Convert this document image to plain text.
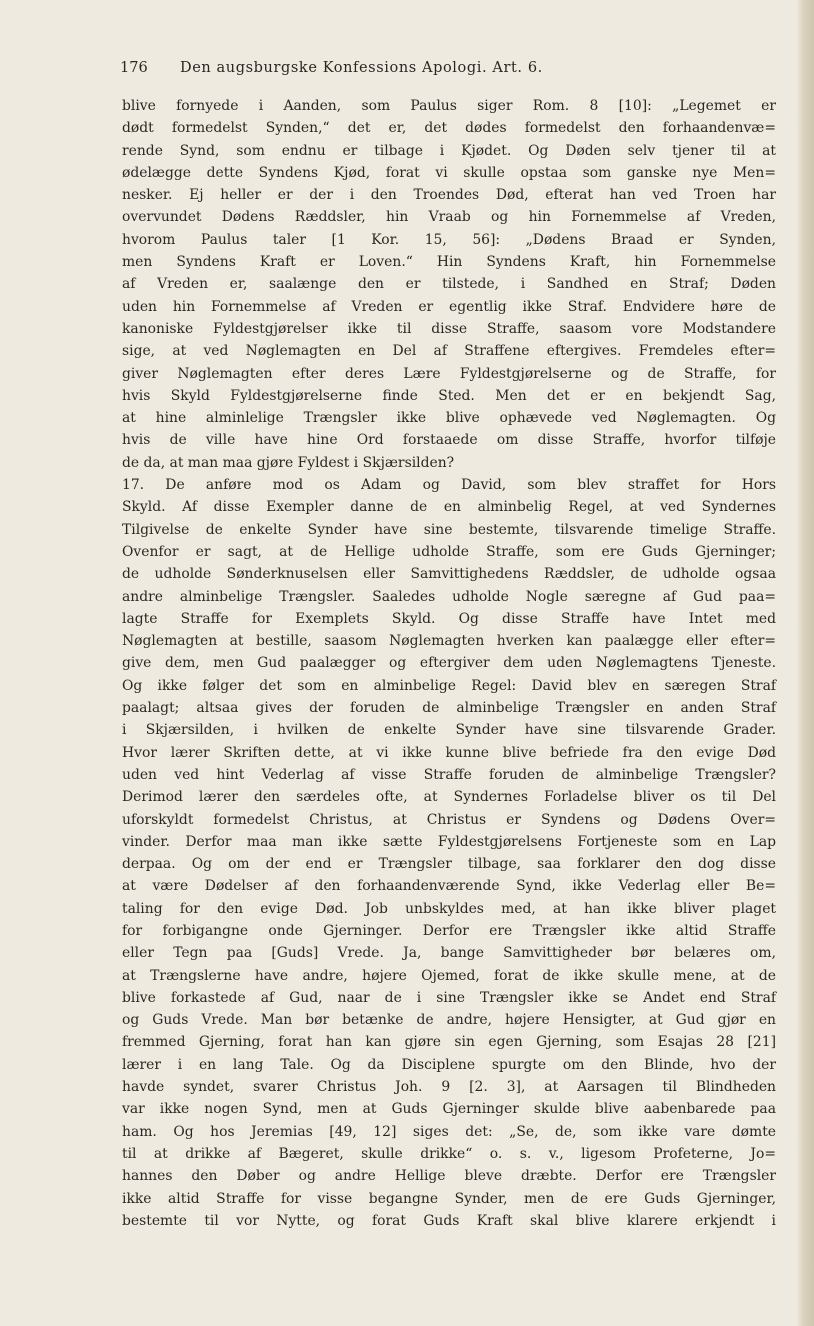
176 Den augsburgske Konfessions Apologi. Art. 6.
blive fornyede i Aanden, som Paulus siger Rom. 8 [10]: „Legemet er
dødt formedelst Synden,“ det er, det dødes formedelst den forhaandenvæ=
rende Synd, som endnu er tilbage i Kjødet. Og Døden selv tjener til at
ødelægge dette Syndens Kjød, forat vi skulle opstaa som ganske nye Men=
nesker. Ej heller er der i den Troendes Død, efterat han ved Troen har
overvundet Dødens Ræddsler, hin Vraab og hin Fornemmelse af Vreden,
hvorom Paulus taler [1 Kor. 15, 56]: „Dødens Braad er Synden,
men Syndens Kraft er Loven.“ Hin Syndens Kraft, hin Fornemmelse
af Vreden er, saalænge den er tilstede, i Sandhed en Straf; Døden
uden hin Fornemmelse af Vreden er egentlig ikke Straf. Endvidere høre de
kanoniske Fyldestgjørelser ikke til disse Straffe, saasom vore Modstandere
sige, at ved Nøglemagten en Del af Straffene eftergives. Fremdeles efter=
giver Nøglemagten efter deres Lære Fyldestgjørelserne og de Straffe, for
hvis Skyld Fyldestgjørelserne finde Sted. Men det er en bekjendt Sag,
at hine alminlelige Trængsler ikke blive ophævede ved Nøglemagten. Og
hvis de ville have hine Ord forstaaede om disse Straffe, hvorfor tilføje
de da, at man maa gjøre Fyldest i Skjærsilden?
17. De anføre mod os Adam og David, som blev straffet for Hors
Skyld. Af disse Exempler danne de en alminbelig Regel, at ved Syndernes
Tilgivelse de enkelte Synder have sine bestemte, tilsvarende timelige Straffe.
Ovenfor er sagt, at de Hellige udholde Straffe, som ere Guds Gjerninger;
de udholde Sønderknuselsen eller Samvittighedens Ræddsler, de udholde ogsaa
andre alminbelige Trængsler. Saaledes udholde Nogle særegne af Gud paa=
lagte Straffe for Exemplets Skyld. Og disse Straffe have Intet med
Nøglemagten at bestille, saasom Nøglemagten hverken kan paalægge eller efter=
give dem, men Gud paalægger og eftergiver dem uden Nøglemagtens Tjeneste.
Og ikke følger det som en alminbelige Regel: David blev en særegen Straf
paalagt; altsaa gives der foruden de alminbelige Trængsler en anden Straf
i Skjærsilden, i hvilken de enkelte Synder have sine tilsvarende Grader.
Hvor lærer Skriften dette, at vi ikke kunne blive befriede fra den evige Død
uden ved hint Vederlag af visse Straffe foruden de alminbelige Trængsler?
Derimod lærer den særdeles ofte, at Syndernes Forladelse bliver os til Del
uforskyldt formedelst Christus, at Christus er Syndens og Dødens Over=
vinder. Derfor maa man ikke sætte Fyldestgjørelsens Fortjeneste som en Lap
derpaa. Og om der end er Trængsler tilbage, saa forklarer den dog disse
at være Dødelser af den forhaandenværende Synd, ikke Vederlag eller Be=
taling for den evige Død. Job unbskyldes med, at han ikke bliver plaget
for forbigangne onde Gjerninger. Derfor ere Trængsler ikke altid Straffe
eller Tegn paa [Guds] Vrede. Ja, bange Samvittigheder bør belæres om,
at Trængslerne have andre, højere Ojemed, forat de ikke skulle mene, at de
blive forkastede af Gud, naar de i sine Trængsler ikke se Andet end Straf
og Guds Vrede. Man bør betænke de andre, højere Hensigter, at Gud gjør en
fremmed Gjerning, forat han kan gjøre sin egen Gjerning, som Esajas 28 [21]
lærer i en lang Tale. Og da Disciplene spurgte om den Blinde, hvo der
havde syndet, svarer Christus Joh. 9 [2. 3], at Aarsagen til Blindheden
var ikke nogen Synd, men at Guds Gjerninger skulde blive aabenbarede paa
ham. Og hos Jeremias [49, 12] siges det: „Se, de, som ikke vare dømte
til at drikke af Bægeret, skulle drikke“ o. s. v., ligesom Profeterne, Jo=
hannes den Døber og andre Hellige bleve dræbte. Derfor ere Trængsler
ikke altid Straffe for visse begangne Synder, men de ere Guds Gjerninger,
bestemte til vor Nytte, og forat Guds Kraft skal blive klarere erkjendt i
